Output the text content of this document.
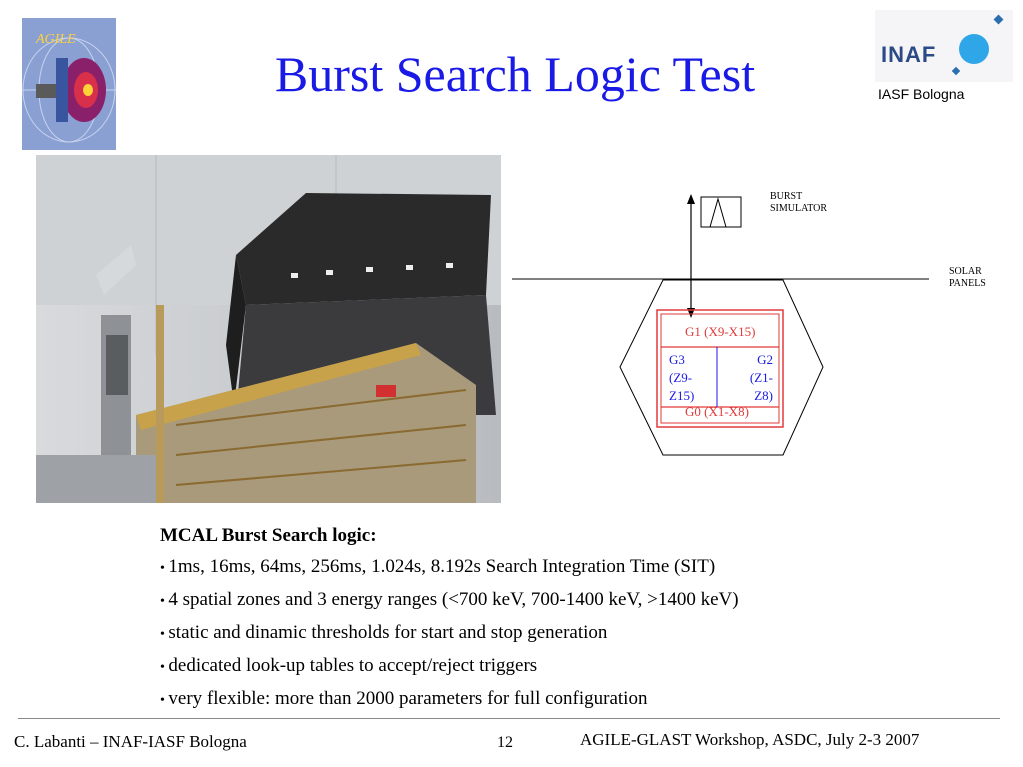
AGILE
Burst Search Logic Test	INAF
IASF Bologna
BURST
SIMULATOR
SOLAR
PANELS
G1 (X9-X15)
G3
(Z9-
Z15)
G2
(Z1-
Z8)
G0 (X1-X8)
MCAL Burst Search logic:
• 1ms, 16ms, 64ms, 256ms, 1.024s, 8.192s Search Integration Time (SIT)
• 4 spatial zones and 3 energy ranges (<700 keV, 700-1400 keV, >1400 keV)
• static and dinamic thresholds for start and stop generation
• dedicated look-up tables to accept/reject triggers
• very flexible: more than 2000 parameters for full configuration
C. Labanti – INAF-IASF Bologna	12	AGILE-GLAST Workshop, ASDC, July 2-3 2007
